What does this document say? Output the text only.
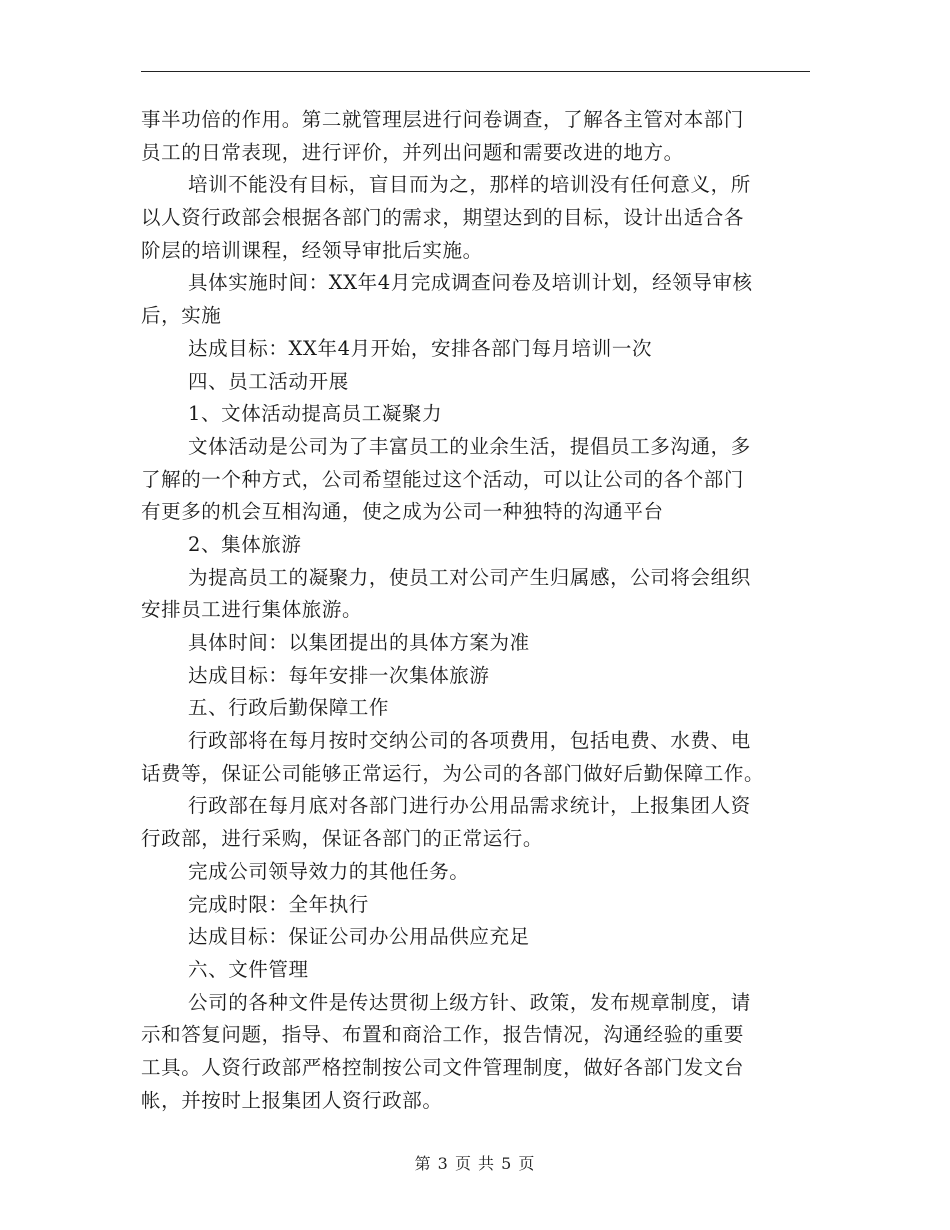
事半功倍的作用。第二就管理层进行问卷调查，了解各主管对本部门
员工的日常表现，进行评价，并列出问题和需要改进的地方。
培训不能没有目标，盲目而为之，那样的培训没有任何意义，所
以人资行政部会根据各部门的需求，期望达到的目标，设计出适合各
阶层的培训课程，经领导审批后实施。
具体实施时间：XX年4月完成调查问卷及培训计划，经领导审核
后，实施
达成目标：XX年4月开始，安排各部门每月培训一次
四、员工活动开展
1、文体活动提高员工凝聚力
文体活动是公司为了丰富员工的业余生活，提倡员工多沟通，多
了解的一个种方式，公司希望能过这个活动，可以让公司的各个部门
有更多的机会互相沟通，使之成为公司一种独特的沟通平台
2、集体旅游
为提高员工的凝聚力，使员工对公司产生归属感，公司将会组织
安排员工进行集体旅游。
具体时间：以集团提出的具体方案为准
达成目标：每年安排一次集体旅游
五、行政后勤保障工作
行政部将在每月按时交纳公司的各项费用，包括电费、水费、电
话费等，保证公司能够正常运行，为公司的各部门做好后勤保障工作。
行政部在每月底对各部门进行办公用品需求统计，上报集团人资
行政部，进行采购，保证各部门的正常运行。
完成公司领导效力的其他任务。
完成时限：全年执行
达成目标：保证公司办公用品供应充足
六、文件管理
公司的各种文件是传达贯彻上级方针、政策，发布规章制度，请
示和答复问题，指导、布置和商洽工作，报告情况，沟通经验的重要
工具。人资行政部严格控制按公司文件管理制度，做好各部门发文台
帐，并按时上报集团人资行政部。
第 3 页 共 5 页
